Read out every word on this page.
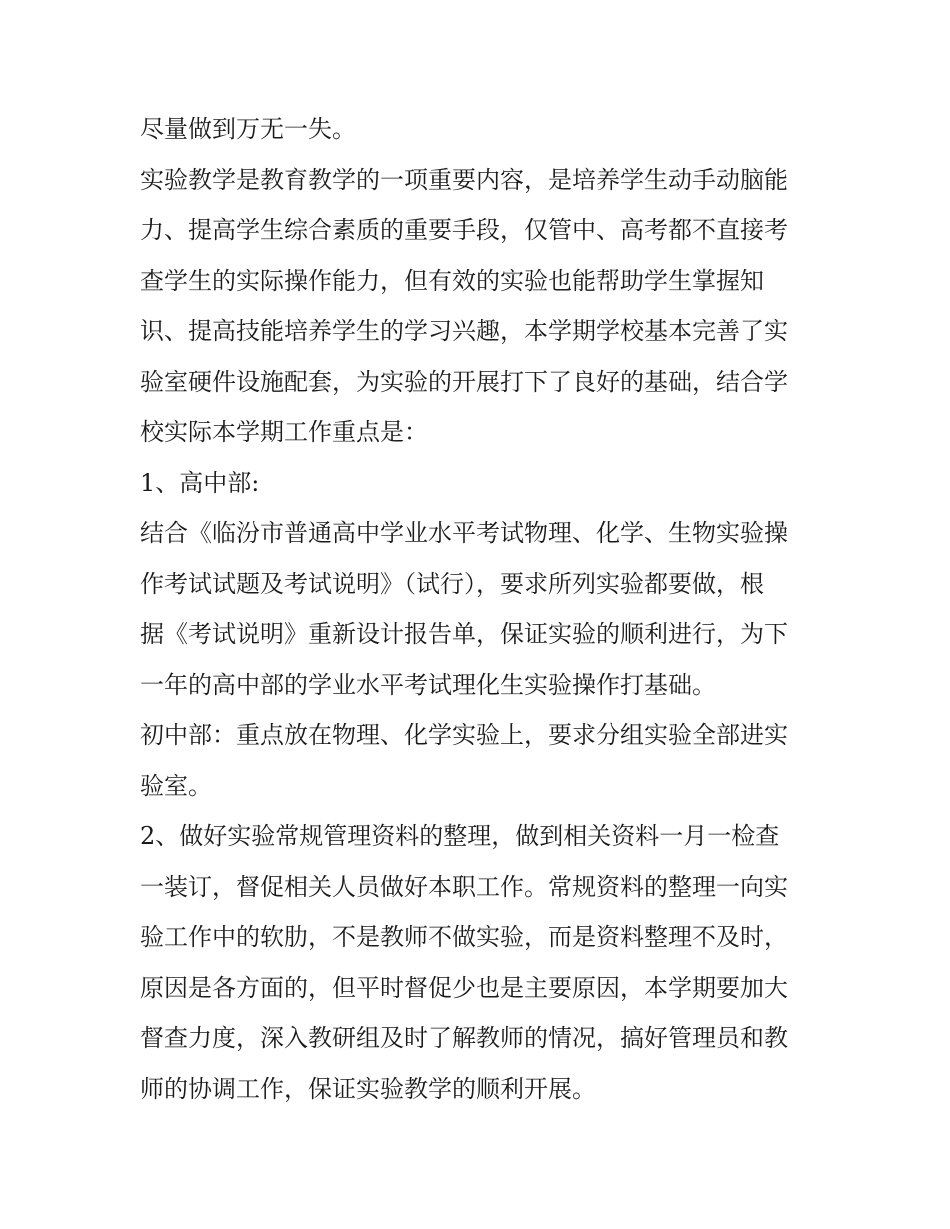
尽量做到万无一失。
实验教学是教育教学的一项重要内容，是培养学生动手动脑能
力、提高学生综合素质的重要手段，仅管中、高考都不直接考
查学生的实际操作能力，但有效的实验也能帮助学生掌握知
识、提高技能培养学生的学习兴趣，本学期学校基本完善了实
验室硬件设施配套，为实验的开展打下了良好的基础，结合学
校实际本学期工作重点是：
1、高中部:
结合《临汾市普通高中学业水平考试物理、化学、生物实验操
作考试试题及考试说明》（试行），要求所列实验都要做，根
据《考试说明》重新设计报告单，保证实验的顺利进行，为下
一年的高中部的学业水平考试理化生实验操作打基础。
初中部：重点放在物理、化学实验上，要求分组实验全部进实
验室。
2、做好实验常规管理资料的整理，做到相关资料一月一检查
一装订，督促相关人员做好本职工作。常规资料的整理一向实
验工作中的软肋，不是教师不做实验，而是资料整理不及时，
原因是各方面的，但平时督促少也是主要原因，本学期要加大
督查力度，深入教研组及时了解教师的情况，搞好管理员和教
师的协调工作，保证实验教学的顺利开展。
